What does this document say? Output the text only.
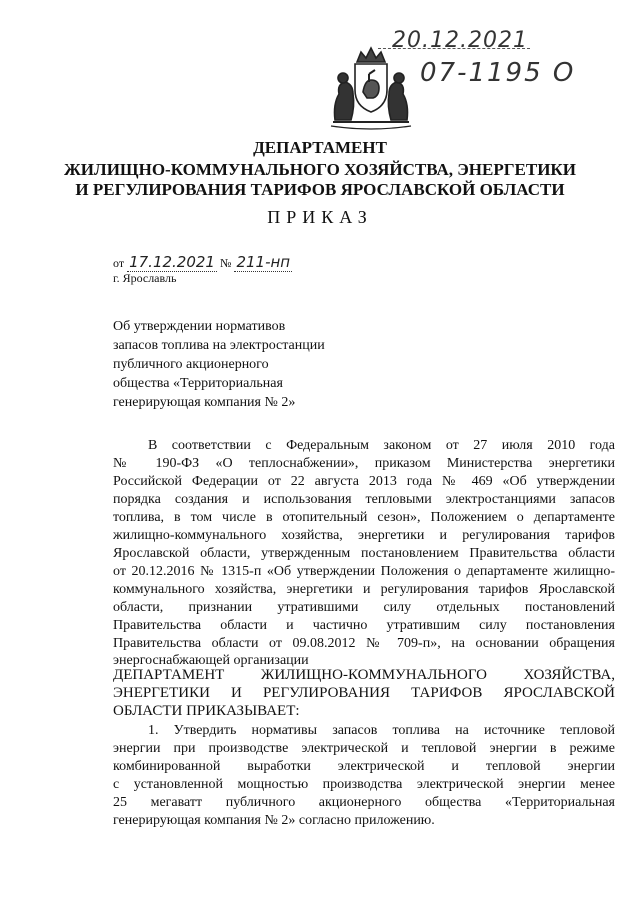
20.12.2021
07-1195 О
ДЕПАРТАМЕНТ
ЖИЛИЩНО-КОММУНАЛЬНОГО ХОЗЯЙСТВА, ЭНЕРГЕТИКИ
И РЕГУЛИРОВАНИЯ ТАРИФОВ ЯРОСЛАВСКОЙ ОБЛАСТИ
ПРИКАЗ
от 17.12.2021 № 211-нп
г. Ярославль
Об утверждении нормативов
запасов топлива на электростанции
публичного акционерного
общества «Территориальная
генерирующая компания № 2»
В соответствии с Федеральным законом от 27 июля 2010 года
№ 190-ФЗ «О теплоснабжении», приказом Министерства энергетики
Российской Федерации от 22 августа 2013 года № 469 «Об утверждении
порядка создания и использования тепловыми электростанциями запасов
топлива, в том числе в отопительный сезон», Положением о департаменте
жилищно-коммунального хозяйства, энергетики и регулирования тарифов
Ярославской области, утвержденным постановлением Правительства области
от 20.12.2016 № 1315-п «Об утверждении Положения о департаменте жилищно-
коммунального хозяйства, энергетики и регулирования тарифов Ярославской
области, признании утратившими силу отдельных постановлений
Правительства области и частично утратившим силу постановления
Правительства области от 09.08.2012 № 709-п», на основании обращения
энергоснабжающей организации
ДЕПАРТАМЕНТ ЖИЛИЩНО-КОММУНАЛЬНОГО ХОЗЯЙСТВА,
ЭНЕРГЕТИКИ И РЕГУЛИРОВАНИЯ ТАРИФОВ ЯРОСЛАВСКОЙ
ОБЛАСТИ ПРИКАЗЫВАЕТ:
1. Утвердить нормативы запасов топлива на источнике тепловой
энергии при производстве электрической и тепловой энергии в режиме
комбинированной выработки электрической и тепловой энергии
с установленной мощностью производства электрической энергии менее
25 мегаватт публичного акционерного общества «Территориальная
генерирующая компания № 2» согласно приложению.
